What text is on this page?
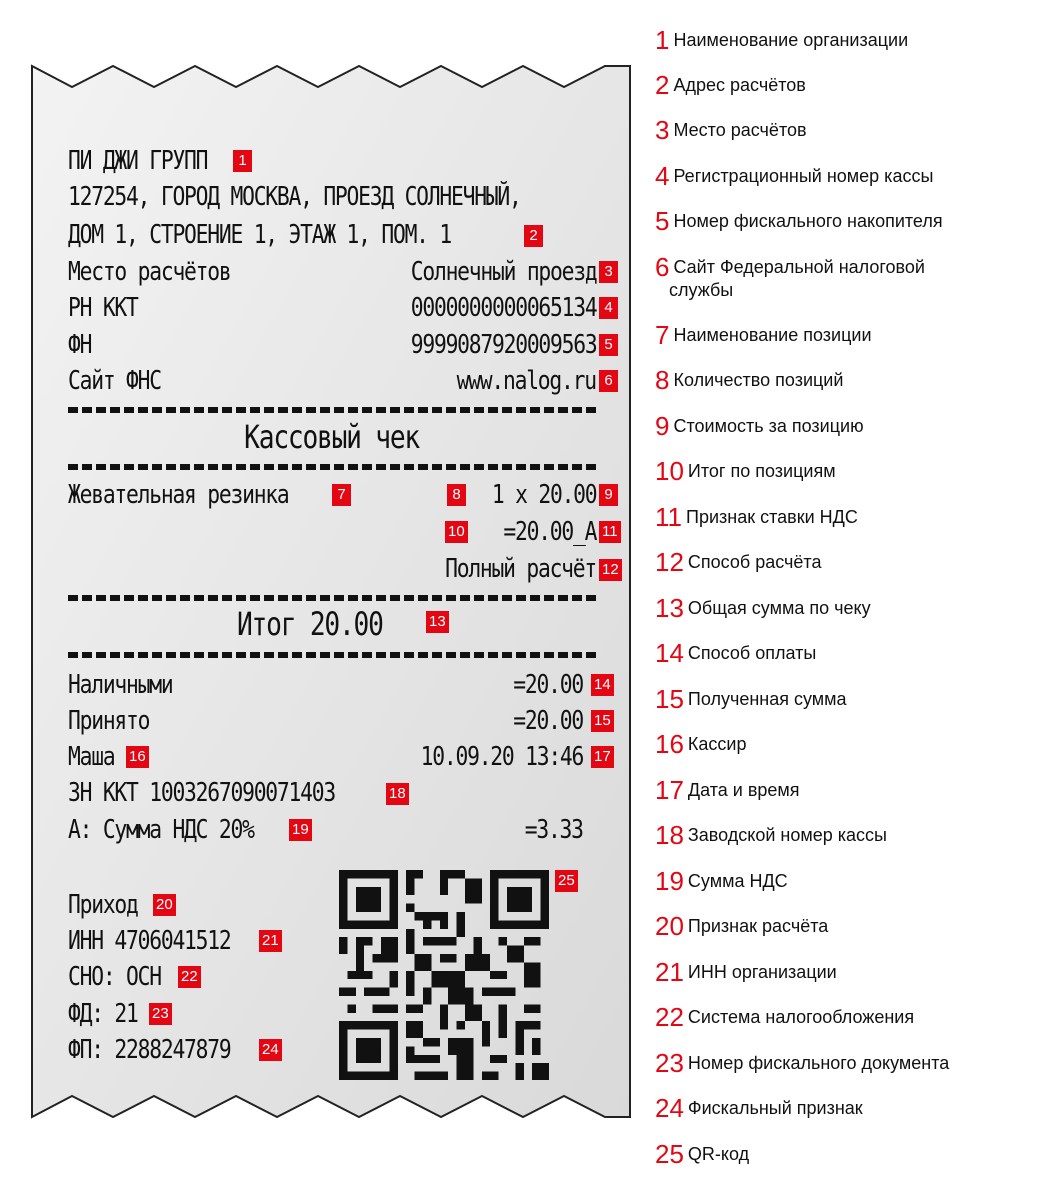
ПИ ДЖИ ГРУПП	1
127254, ГОРОД МОСКВА, ПРОЕЗД СОЛНЕЧНЫЙ,
ДОМ 1, СТРОЕНИЕ 1, ЭТАЖ 1, ПОМ. 1	2
Место расчётов	Солнечный проезд 3
РН ККТ	0000000000065134 4
ФН	9999087920009563 5
Сайт ФНС	www.nalog.ru 6
Кассовый чек
Жевательная резинка	7	8 1 x 20.00 9
10 =20.00_А 11
Полный расчёт 12
Итог 20.00	13
Наличными	=20.00 14
Принято	=20.00 15
Маша 16	10.09.20 13:46 17
ЗН ККТ 1003267090071403	18
А: Сумма НДС 20%	19	=3.33
Приход 20
ИНН 4706041512 21
СНО: ОСН 22
ФД: 21 23
ФП: 2288247879 24
25
1 Наименование организации
2 Адрес расчётов
3 Место расчётов
4 Регистрационный номер кассы
5 Номер фискального накопителя
6 Сайт Федеральной налоговой
службы
7 Наименование позиции
8 Количество позиций
9 Стоимость за позицию
10 Итог по позициям
11 Признак ставки НДС
12 Способ расчёта
13 Общая сумма по чеку
14 Способ оплаты
15 Полученная сумма
16 Кассир
17 Дата и время
18 Заводской номер кассы
19 Сумма НДС
20 Признак расчёта
21 ИНН организации
22 Система налогообложения
23 Номер фискального документа
24 Фискальный признак
25 QR-код
